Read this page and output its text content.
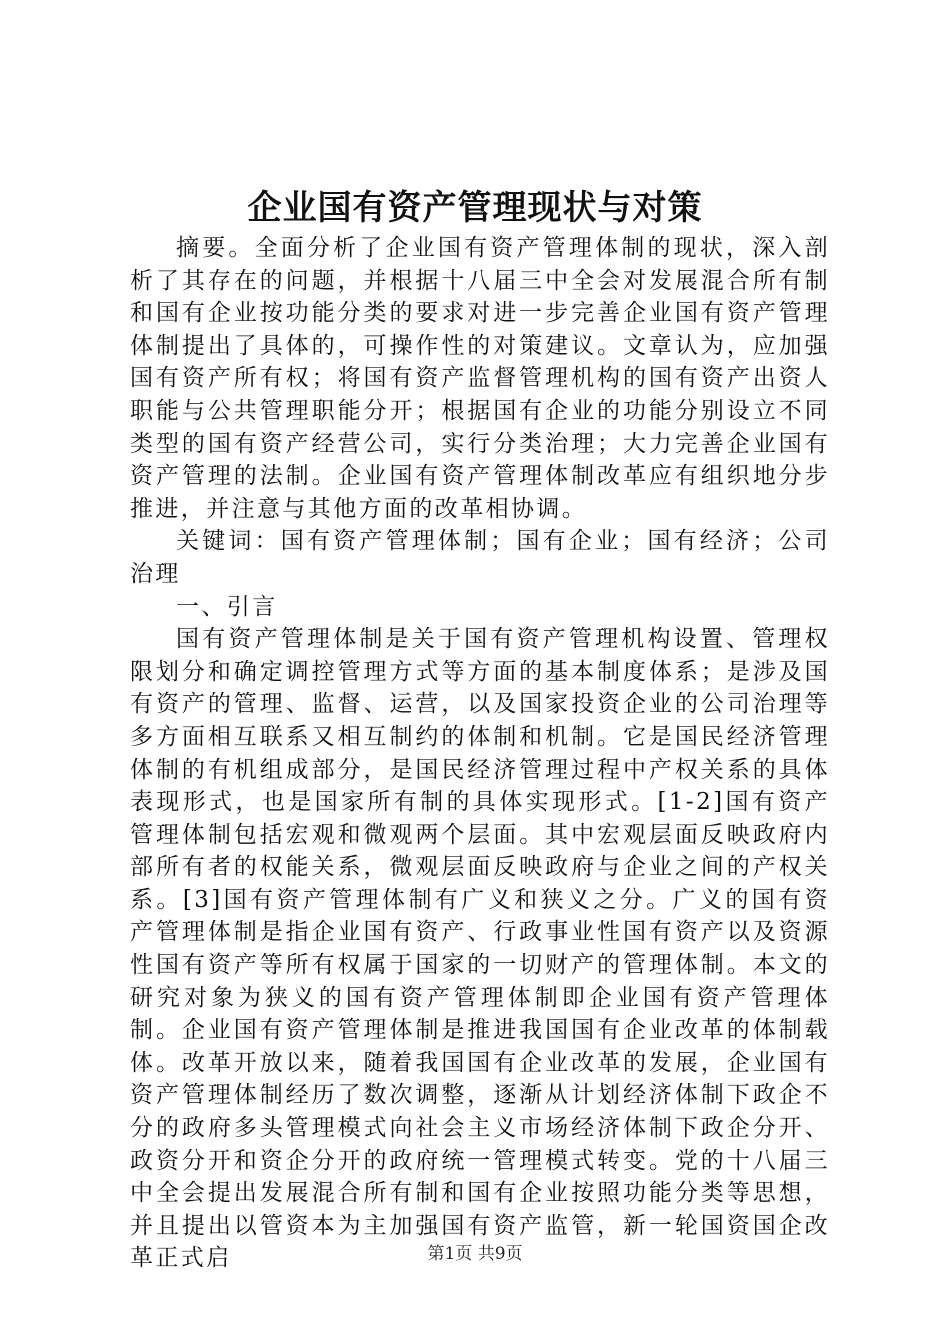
企业国有资产管理现状与对策

摘要。全面分析了企业国有资产管理体制的现状，深入剖析了其存在的问题，并根据十八届三中全会对发展混合所有制和国有企业按功能分类的要求对进一步完善企业国有资产管理体制提出了具体的，可操作性的对策建议。文章认为，应加强国有资产所有权；将国有资产监督管理机构的国有资产出资人职能与公共管理职能分开；根据国有企业的功能分别设立不同类型的国有资产经营公司，实行分类治理；大力完善企业国有资产管理的法制。企业国有资产管理体制改革应有组织地分步推进，并注意与其他方面的改革相协调。

关键词：国有资产管理体制；国有企业；国有经济；公司治理

一、引言

国有资产管理体制是关于国有资产管理机构设置、管理权限划分和确定调控管理方式等方面的基本制度体系；是涉及国有资产的管理、监督、运营，以及国家投资企业的公司治理等多方面相互联系又相互制约的体制和机制。它是国民经济管理体制的有机组成部分，是国民经济管理过程中产权关系的具体表现形式，也是国家所有制的具体实现形式。[1-2]国有资产管理体制包括宏观和微观两个层面。其中宏观层面反映政府内部所有者的权能关系，微观层面反映政府与企业之间的产权关系。[3]国有资产管理体制有广义和狭义之分。广义的国有资产管理体制是指企业国有资产、行政事业性国有资产以及资源性国有资产等所有权属于国家的一切财产的管理体制。本文的研究对象为狭义的国有资产管理体制即企业国有资产管理体制。企业国有资产管理体制是推进我国国有企业改革的体制载体。改革开放以来，随着我国国有企业改革的发展，企业国有资产管理体制经历了数次调整，逐渐从计划经济体制下政企不分的政府多头管理模式向社会主义市场经济体制下政企分开、政资分开和资企分开的政府统一管理模式转变。党的十八届三中全会提出发展混合所有制和国有企业按照功能分类等思想，并且提出以管资本为主加强国有资产监管，新一轮国资国企改革正式启	第1页 共9页
